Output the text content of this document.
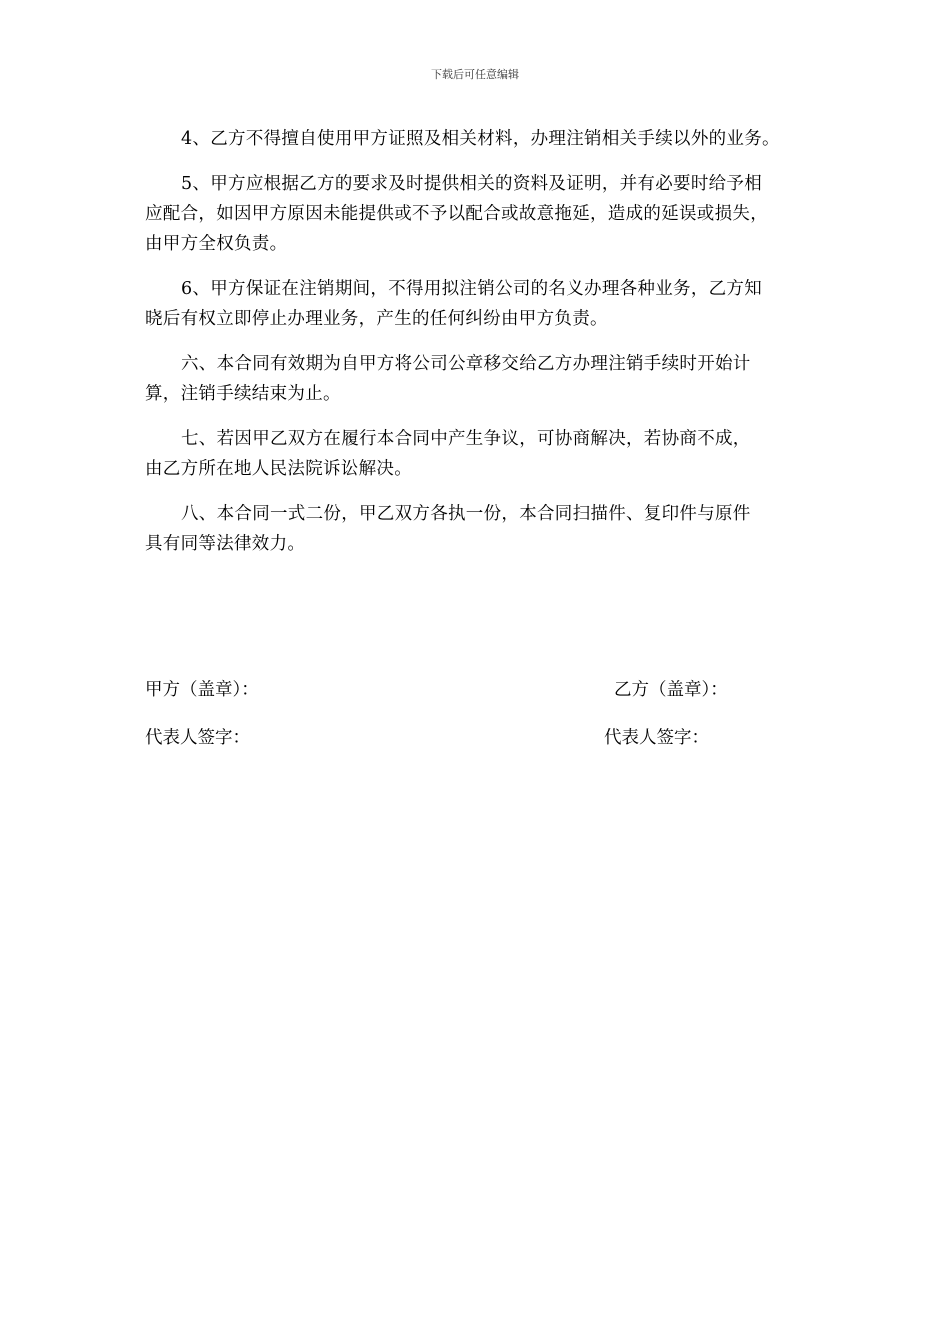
下载后可任意编辑

4、乙方不得擅自使用甲方证照及相关材料，办理注销相关手续以外的业务。

5、甲方应根据乙方的要求及时提供相关的资料及证明，并有必要时给予相
应配合，如因甲方原因未能提供或不予以配合或故意拖延，造成的延误或损失，
由甲方全权负责。

6、甲方保证在注销期间，不得用拟注销公司的名义办理各种业务，乙方知
晓后有权立即停止办理业务，产生的任何纠纷由甲方负责。

六、本合同有效期为自甲方将公司公章移交给乙方办理注销手续时开始计
算，注销手续结束为止。

七、若因甲乙双方在履行本合同中产生争议，可协商解决，若协商不成，
由乙方所在地人民法院诉讼解决。

八、本合同一式二份，甲乙双方各执一份，本合同扫描件、复印件与原件
具有同等法律效力。

甲方（盖章）：	乙方（盖章）：
代表人签字：	代表人签字：
